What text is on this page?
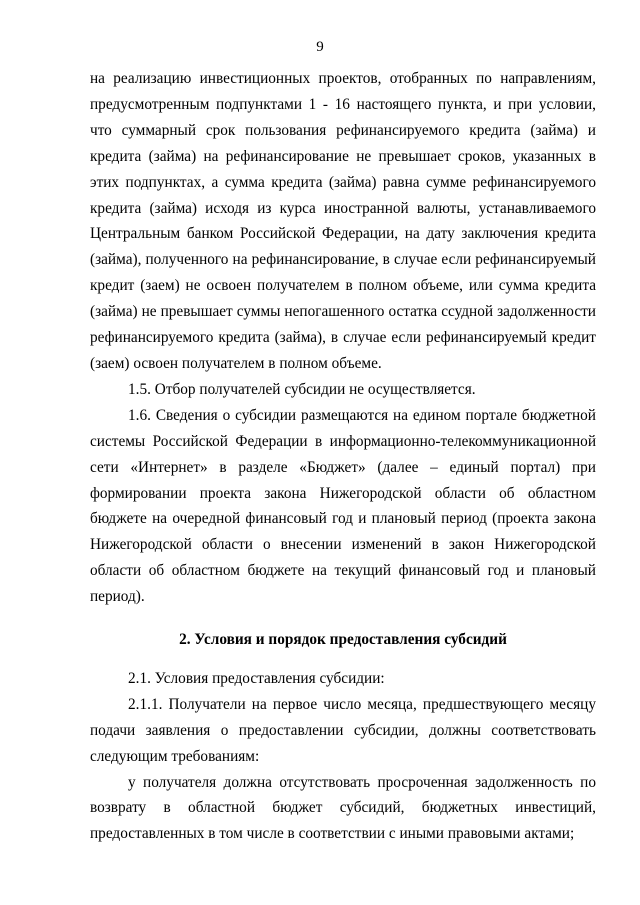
9

на реализацию инвестиционных проектов, отобранных по направлениям, предусмотренным подпунктами 1 - 16 настоящего пункта, и при условии, что суммарный срок пользования рефинансируемого кредита (займа) и кредита (займа) на рефинансирование не превышает сроков, указанных в этих подпунктах, а сумма кредита (займа) равна сумме рефинансируемого кредита (займа) исходя из курса иностранной валюты, устанавливаемого Центральным банком Российской Федерации, на дату заключения кредита (займа), полученного на рефинансирование, в случае если рефинансируемый кредит (заем) не освоен получателем в полном объеме, или сумма кредита (займа) не превышает суммы непогашенного остатка ссудной задолженности рефинансируемого кредита (займа), в случае если рефинансируемый кредит (заем) освоен получателем в полном объеме.

1.5. Отбор получателей субсидии не осуществляется.

1.6. Сведения о субсидии размещаются на едином портале бюджетной системы Российской Федерации в информационно-телекоммуникационной сети «Интернет» в разделе «Бюджет» (далее – единый портал) при формировании проекта закона Нижегородской области об областном бюджете на очередной финансовый год и плановый период (проекта закона Нижегородской области о внесении изменений в закон Нижегородской области об областном бюджете на текущий финансовый год и плановый период).

2. Условия и порядок предоставления субсидий

2.1. Условия предоставления субсидии:

2.1.1. Получатели на первое число месяца, предшествующего месяцу подачи заявления о предоставлении субсидии, должны соответствовать следующим требованиям:

у получателя должна отсутствовать просроченная задолженность по возврату в областной бюджет субсидий, бюджетных инвестиций, предоставленных в том числе в соответствии с иными правовыми актами;
